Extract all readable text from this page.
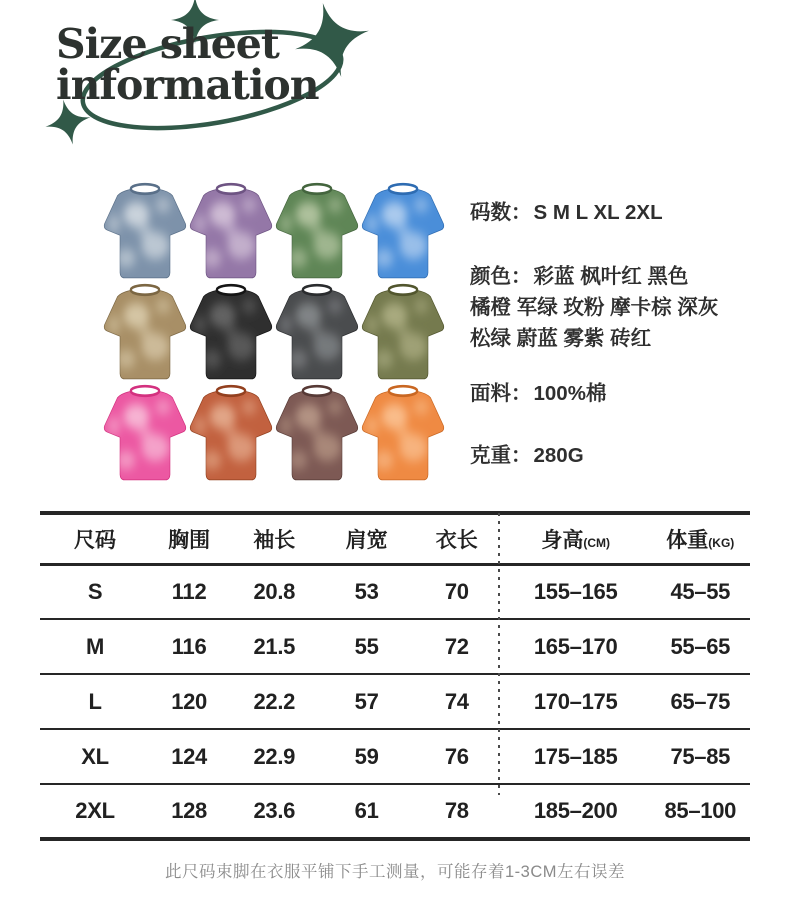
Size sheet
information
码数：S M L XL 2XL
颜色：彩蓝 枫叶红 黑色
橘橙 军绿 玫粉 摩卡棕 深灰
松绿 蔚蓝 雾紫 砖红
面料：100%棉
克重：280G
尺码	胸围	袖长	肩宽	衣长	身高(CM)	体重(KG)
S	112	20.8	53	70	155–165	45–55
M	116	21.5	55	72	165–170	55–65
L	120	22.2	57	74	170–175	65–75
XL	124	22.9	59	76	175–185	75–85
2XL	128	23.6	61	78	185–200	85–100

此尺码束脚在衣服平铺下手工测量，可能存着1-3CM左右误差
